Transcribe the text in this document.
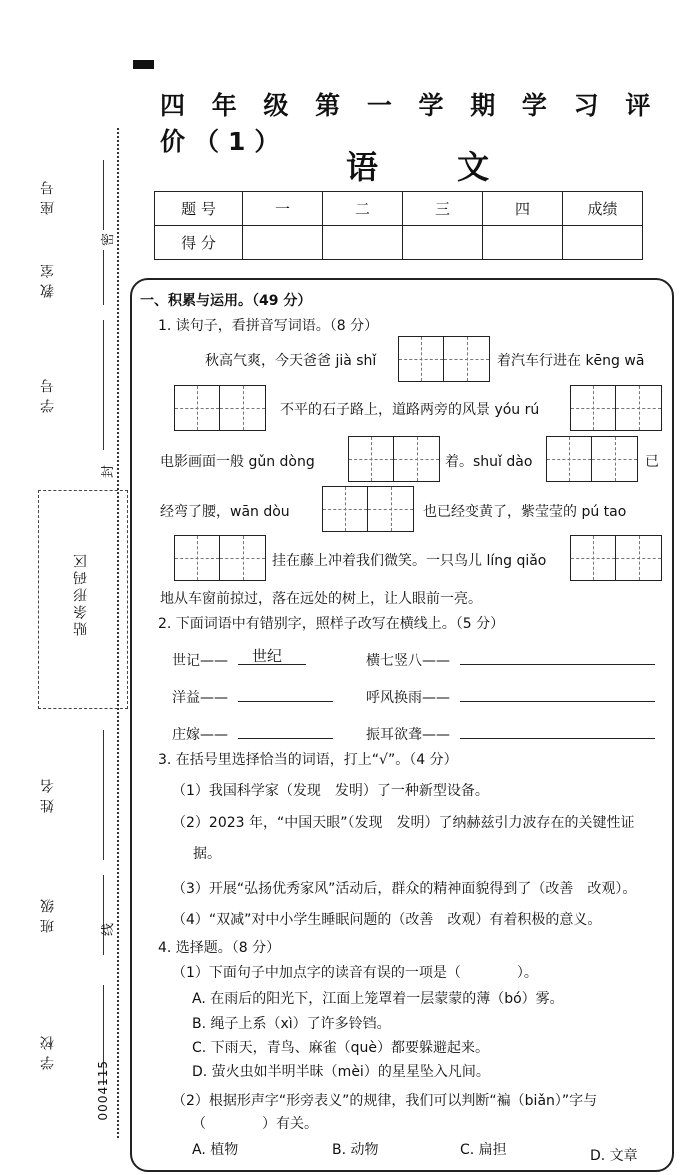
四 年 级 第 一 学 期 学 习 评 价（1）
语 文
题 号	一	二	三	四	成绩
得 分					
座号
教室
学号
姓名
班级
学校
密
封
线
贴条形码区
0004115
一、积累与运用。（49 分）
1. 读句子，看拼音写词语。（8 分）
秋高气爽，今天爸爸 jià shǐ	着汽车行进在 kēng wā
不平的石子路上，道路两旁的风景 yóu rú
电影画面一般 gǔn dòng	着。shuǐ dào	已
经弯了腰，wān dòu	也已经变黄了，紫莹莹的 pú tao
挂在藤上冲着我们微笑。一只鸟儿 líng qiǎo
地从车窗前掠过，落在远处的树上，让人眼前一亮。
2. 下面词语中有错别字，照样子改写在横线上。（5 分）
世记—— 世纪	横七竖八——
洋益——	呼风换雨——
庄嫁——	振耳欲聋——
3. 在括号里选择恰当的词语，打上“√”。（4 分）
（1）我国科学家（发现　发明）了一种新型设备。
（2）2023 年，“中国天眼”（发现　发明）了纳赫兹引力波存在的关键性证
据。
（3）开展“弘扬优秀家风”活动后，群众的精神面貌得到了（改善　改观）。
（4）“双减”对中小学生睡眠问题的（改善　改观）有着积极的意义。
4. 选择题。（8 分）
（1）下面句子中加点字的读音有误的一项是（　　　　）。
A. 在雨后的阳光下，江面上笼罩着一层蒙蒙的薄（bó）雾。
B. 绳子上系（xì）了许多铃铛。
C. 下雨天，青鸟、麻雀（què）都要躲避起来。
D. 萤火虫如半明半昧（mèi）的星星坠入凡间。
（2）根据形声字“形旁表义”的规律，我们可以判断“褊（biǎn）”字与
（　　　　）有关。
A. 植物	B. 动物	C. 扁担	D. 文章
